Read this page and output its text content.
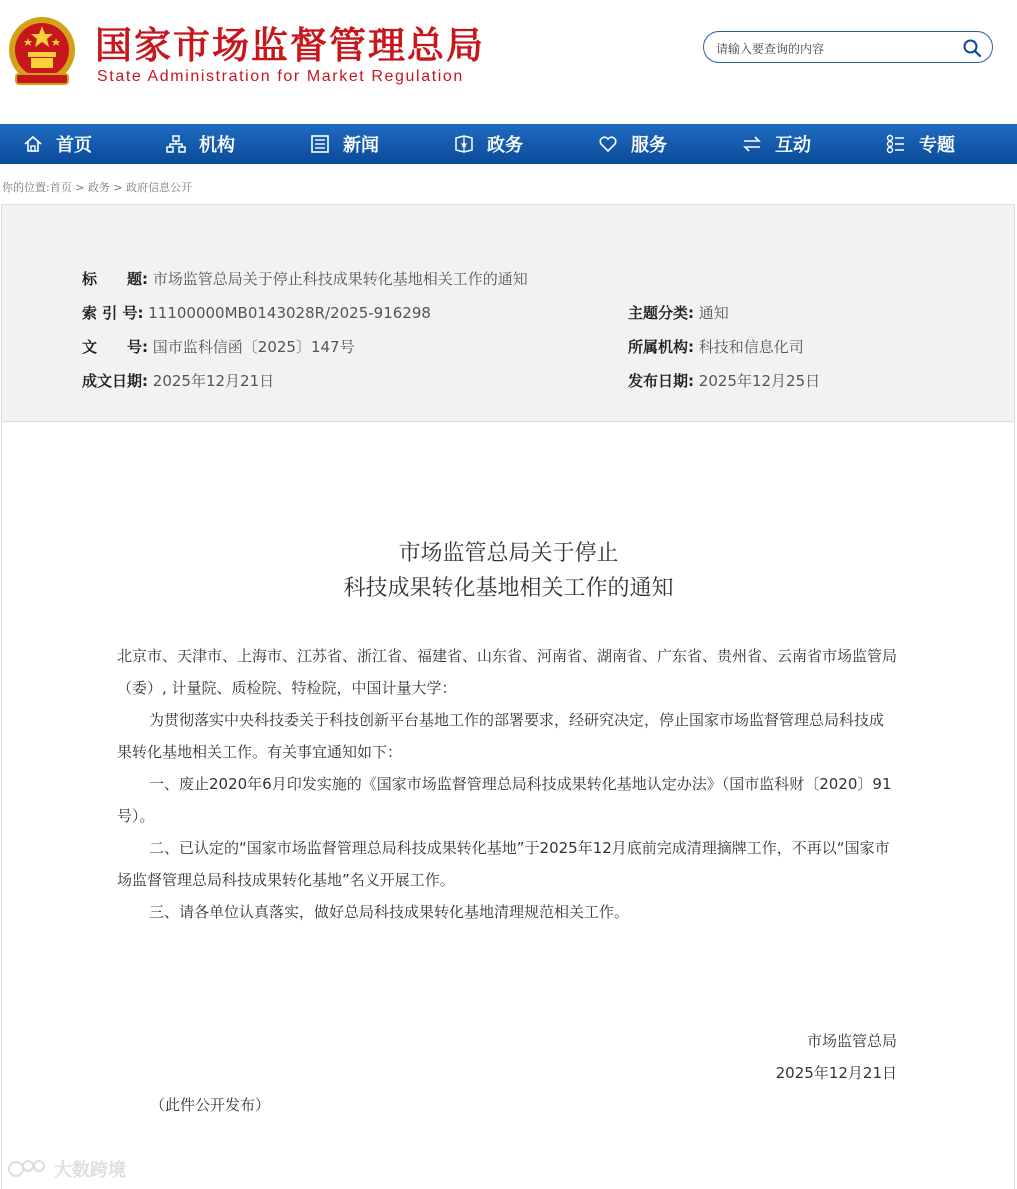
国家市场监督管理总局
State Administration for Market Regulation
请输入要查询的内容
首页	机构	新闻	政务	服务	互动	专题
你的位置:首页 > 政务 > 政府信息公开
标　　题: 市场监管总局关于停止科技成果转化基地相关工作的通知
索 引 号: 11100000MB0143028R/2025-916298	主题分类: 通知
文　　号: 国市监科信函〔2025〕147号	所属机构: 科技和信息化司
成文日期: 2025年12月21日	发布日期: 2025年12月25日
市场监管总局关于停止
科技成果转化基地相关工作的通知

北京市、天津市、上海市、江苏省、浙江省、福建省、山东省、河南省、湖南省、广东省、贵州省、云南省市场监管局（委）, 计量院、质检院、特检院，中国计量大学：

为贯彻落实中央科技委关于科技创新平台基地工作的部署要求，经研究决定，停止国家市场监督管理总局科技成果转化基地相关工作。有关事宜通知如下：

一、废止2020年6月印发实施的《国家市场监督管理总局科技成果转化基地认定办法》（国市监科财〔2020〕91号）。

二、已认定的“国家市场监督管理总局科技成果转化基地”于2025年12月底前完成清理摘牌工作，不再以“国家市场监督管理总局科技成果转化基地”名义开展工作。

三、请各单位认真落实，做好总局科技成果转化基地清理规范相关工作。

市场监管总局
2025年12月21日
（此件公开发布）
大数跨境
